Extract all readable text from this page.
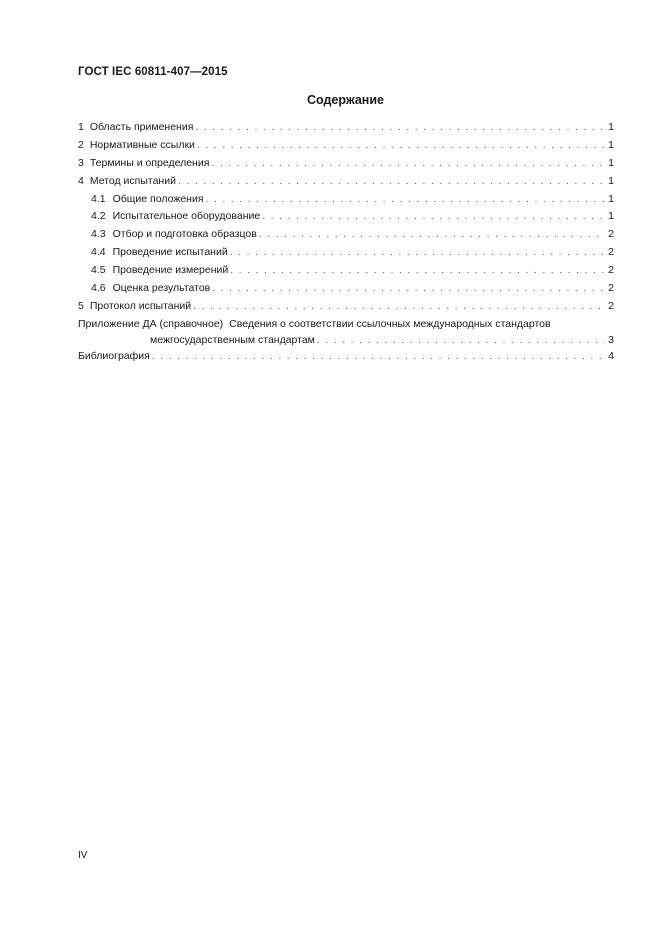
ГОСТ IEC 60811-407—2015
Содержание
1 Область применения . . .	1
2 Нормативные ссылки . . .	1
3 Термины и определения . . .	1
4 Метод испытаний . . .	1
4.1 Общие положения . . .	1
4.2 Испытательное оборудование . . .	1
4.3 Отбор и подготовка образцов . . .	2
4.4 Проведение испытаний . . .	2
4.5 Проведение измерений . . .	2
4.6 Оценка результатов . . .	2
5 Протокол испытаний . . .	2
Приложение ДА (справочное) Сведения о соответствии ссылочных международных стандартов
межгосударственным стандартам . . .	3
Библиография . . .	4
IV
